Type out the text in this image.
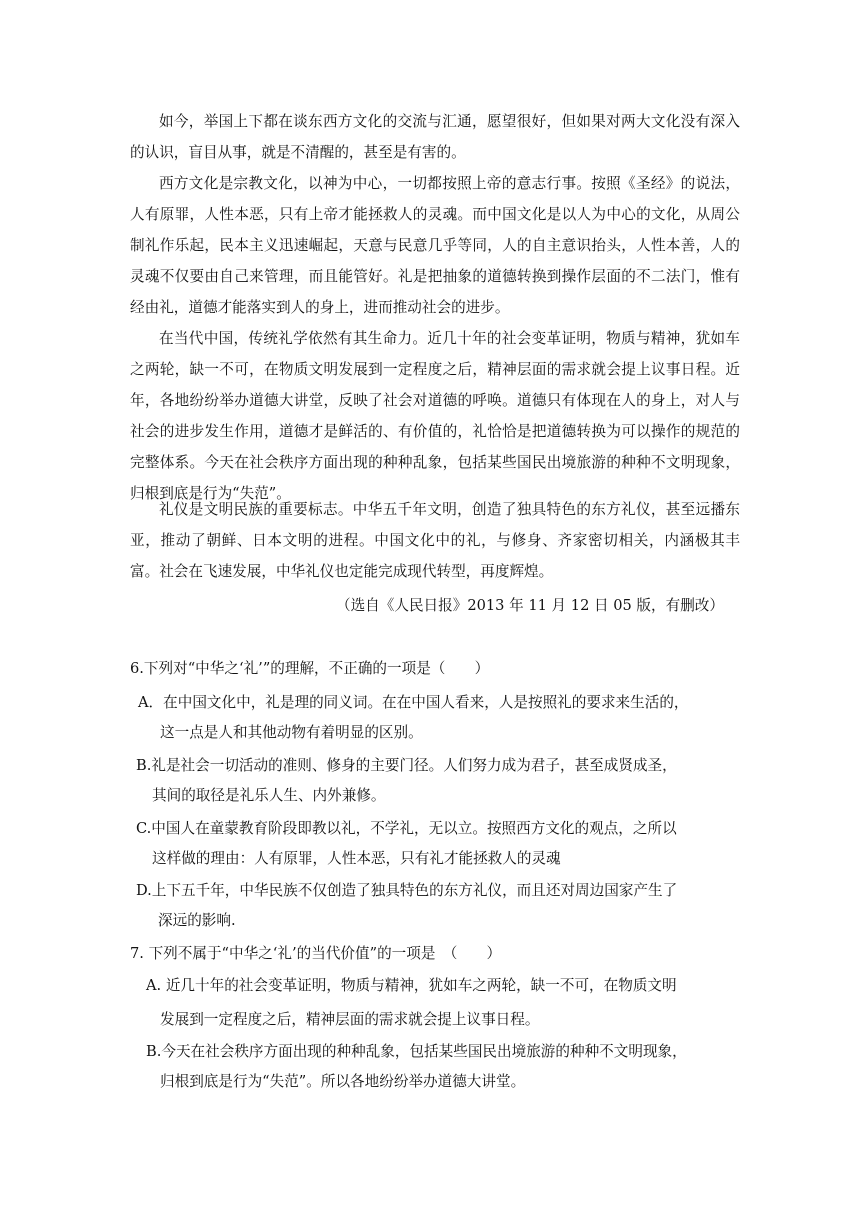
如今，举国上下都在谈东西方文化的交流与汇通，愿望很好，但如果对两大文化没有深入的认识，盲目从事，就是不清醒的，甚至是有害的。

西方文化是宗教文化，以神为中心，一切都按照上帝的意志行事。按照《圣经》的说法，人有原罪，人性本恶，只有上帝才能拯救人的灵魂。而中国文化是以人为中心的文化，从周公制礼作乐起，民本主义迅速崛起，天意与民意几乎等同，人的自主意识抬头，人性本善，人的灵魂不仅要由自己来管理，而且能管好。礼是把抽象的道德转换到操作层面的不二法门，惟有经由礼，道德才能落实到人的身上，进而推动社会的进步。

在当代中国，传统礼学依然有其生命力。近几十年的社会变革证明，物质与精神，犹如车之两轮，缺一不可，在物质文明发展到一定程度之后，精神层面的需求就会提上议事日程。近年，各地纷纷举办道德大讲堂，反映了社会对道德的呼唤。道德只有体现在人的身上，对人与社会的进步发生作用，道德才是鲜活的、有价值的，礼恰恰是把道德转换为可以操作的规范的完整体系。今天在社会秩序方面出现的种种乱象，包括某些国民出境旅游的种种不文明现象，归根到底是行为“失范”。

礼仪是文明民族的重要标志。中华五千年文明，创造了独具特色的东方礼仪，甚至远播东亚，推动了朝鲜、日本文明的进程。中国文化中的礼，与修身、齐家密切相关，内涵极其丰富。社会在飞速发展，中华礼仪也定能完成现代转型，再度辉煌。

（选自《人民日报》2013 年 11 月 12 日 05 版，有删改）

6.下列对“中华之‘礼’”的理解，不正确的一项是（　　）

A．在中国文化中，礼是理的同义词。在在中国人看来，人是按照礼的要求来生活的，
这一点是人和其他动物有着明显的区别。
B.礼是社会一切活动的准则、修身的主要门径。人们努力成为君子，甚至成贤成圣，
其间的取径是礼乐人生、内外兼修。
C.中国人在童蒙教育阶段即教以礼，不学礼，无以立。按照西方文化的观点，之所以
这样做的理由：人有原罪，人性本恶，只有礼才能拯救人的灵魂
D.上下五千年，中华民族不仅创造了独具特色的东方礼仪，而且还对周边国家产生了
深远的影响.

7. 下列不属于“中华之‘礼’的当代价值”的一项是　（　　）

A. 近几十年的社会变革证明，物质与精神，犹如车之两轮，缺一不可，在物质文明
发展到一定程度之后，精神层面的需求就会提上议事日程。
B.今天在社会秩序方面出现的种种乱象，包括某些国民出境旅游的种种不文明现象，
归根到底是行为“失范”。所以各地纷纷举办道德大讲堂。
